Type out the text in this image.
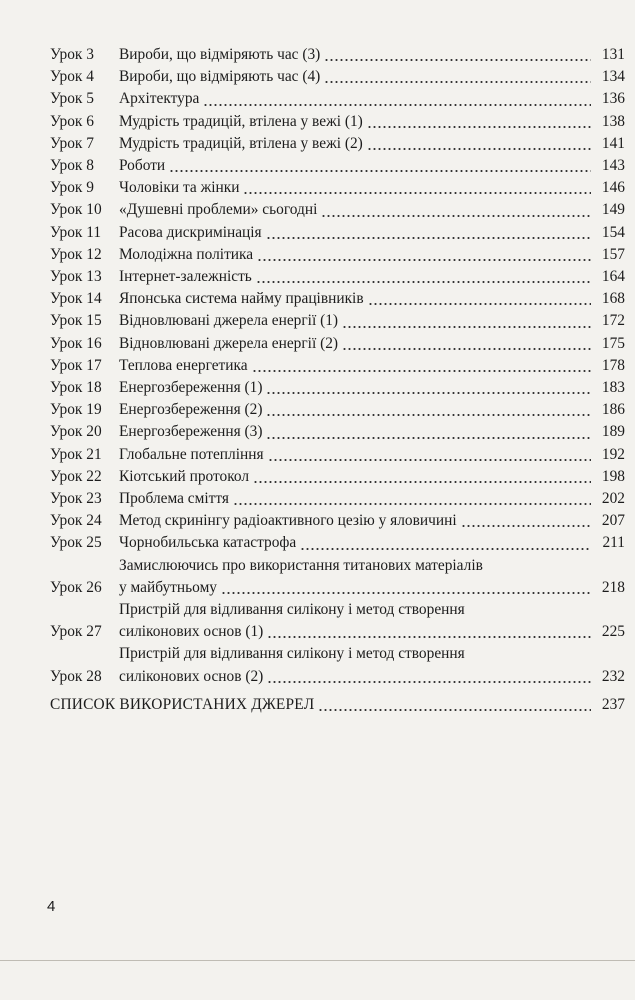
Урок 3	Вироби, що відміряють час (3)	131
Урок 4	Вироби, що відміряють час (4)	134
Урок 5	Архітектура	136
Урок 6	Мудрість традицій, втілена у вежі (1)	138
Урок 7	Мудрість традицій, втілена у вежі (2)	141
Урок 8	Роботи	143
Урок 9	Чоловіки та жінки	146
Урок 10	«Душевні проблеми» сьогодні	149
Урок 11	Расова дискримінація	154
Урок 12	Молодіжна політика	157
Урок 13	Інтернет-залежність	164
Урок 14	Японська система найму працівників	168
Урок 15	Відновлювані джерела енергії (1)	172
Урок 16	Відновлювані джерела енергії (2)	175
Урок 17	Теплова енергетика	178
Урок 18	Енергозбереження (1)	183
Урок 19	Енергозбереження (2)	186
Урок 20	Енергозбереження (3)	189
Урок 21	Глобальне потепління	192
Урок 22	Кіотський протокол	198
Урок 23	Проблема сміття	202
Урок 24	Метод скринінгу радіоактивного цезію у яловичині	207
Урок 25	Чорнобильська катастрофа	211
Урок 26
Замислюючись про використання титанових матеріалів
у майбутньому	218
Урок 27
Пристрій для відливання силікону і метод створення
силіконових основ (1)	225
Урок 28
Пристрій для відливання силікону і метод створення
силіконових основ (2)	232
СПИСОК ВИКОРИСТАНИХ ДЖЕРЕЛ	237
4
